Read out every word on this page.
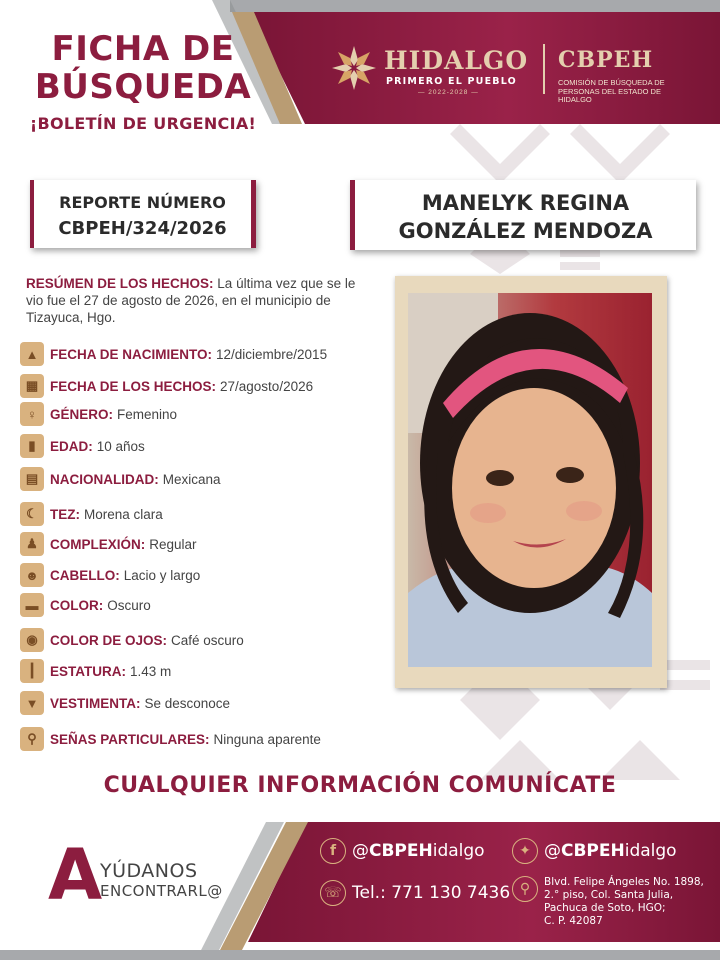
FICHA DE
BÚSQUEDA
¡BOLETÍN DE URGENCIA!
HIDALGO
PRIMERO EL PUEBLO
— 2022-2028 —
CBPEH
COMISIÓN DE BÚSQUEDA DE PERSONAS DEL ESTADO DE HIDALGO
REPORTE NÚMERO
CBPEH/324/2026
MANELYK REGINA
GONZÁLEZ MENDOZA
RESÚMEN DE LOS HECHOS: La última vez que se le vio fue el 27 de agosto de 2026, en el municipio de Tizayuca, Hgo.
▲ FECHA DE NACIMIENTO: 12/diciembre/2015
▦ FECHA DE LOS HECHOS: 27/agosto/2026
♀ GÉNERO: Femenino
▮	EDAD: 10 años
▤ NACIONALIDAD: Mexicana
☾ TEZ: Morena clara
♟ COMPLEXIÓN: Regular
☻ CABELLO: Lacio y largo
▬ COLOR: Oscuro
◉ COLOR DE OJOS: Café oscuro
┃	ESTATURA: 1.43 m
▼ VESTIMENTA: Se desconoce
⚲ SEÑAS PARTICULARES: Ninguna aparente
CUALQUIER INFORMACIÓN COMUNÍCATE
A
YÚDANOS
ENCONTRARL@
f @CBPEHidalgo	✦ @CBPEHidalgo
☏ Tel.: 771 130 7436 ⚲	Blvd. Felipe Ángeles No. 1898,
2.° piso, Col. Santa Julia,
Pachuca de Soto, HGO;
C. P. 42087
